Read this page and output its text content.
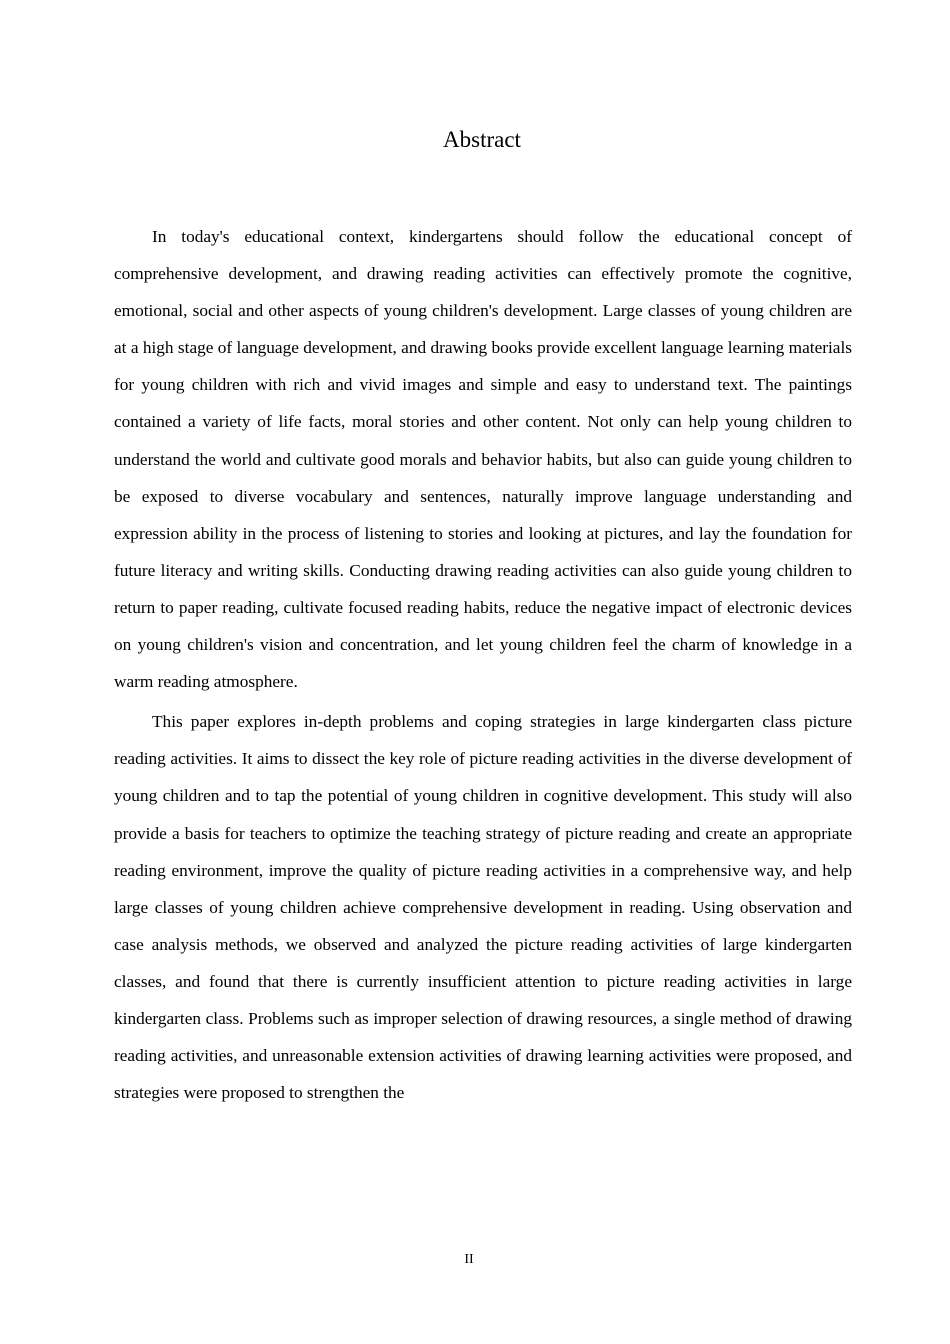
Abstract

In today's educational context, kindergartens should follow the educational concept of comprehensive development, and drawing reading activities can effectively promote the cognitive, emotional, social and other aspects of young children's development. Large classes of young children are at a high stage of language development, and drawing books provide excellent language learning materials for young children with rich and vivid images and simple and easy to understand text. The paintings contained a variety of life facts, moral stories and other content. Not only can help young children to understand the world and cultivate good morals and behavior habits, but also can guide young children to be exposed to diverse vocabulary and sentences, naturally improve language understanding and expression ability in the process of listening to stories and looking at pictures, and lay the foundation for future literacy and writing skills. Conducting drawing reading activities can also guide young children to return to paper reading, cultivate focused reading habits, reduce the negative impact of electronic devices on young children's vision and concentration, and let young children feel the charm of knowledge in a warm reading atmosphere.

This paper explores in-depth problems and coping strategies in large kindergarten class picture reading activities. It aims to dissect the key role of picture reading activities in the diverse development of young children and to tap the potential of young children in cognitive development. This study will also provide a basis for teachers to optimize the teaching strategy of picture reading and create an appropriate reading environment, improve the quality of picture reading activities in a comprehensive way, and help large classes of young children achieve comprehensive development in reading. Using observation and case analysis methods, we observed and analyzed the picture reading activities of large kindergarten classes, and found that there is currently insufficient attention to picture reading activities in large kindergarten class. Problems such as improper selection of drawing resources, a single method of drawing reading activities, and unreasonable extension activities of drawing learning activities were proposed, and strategies were proposed to strengthen the

II
